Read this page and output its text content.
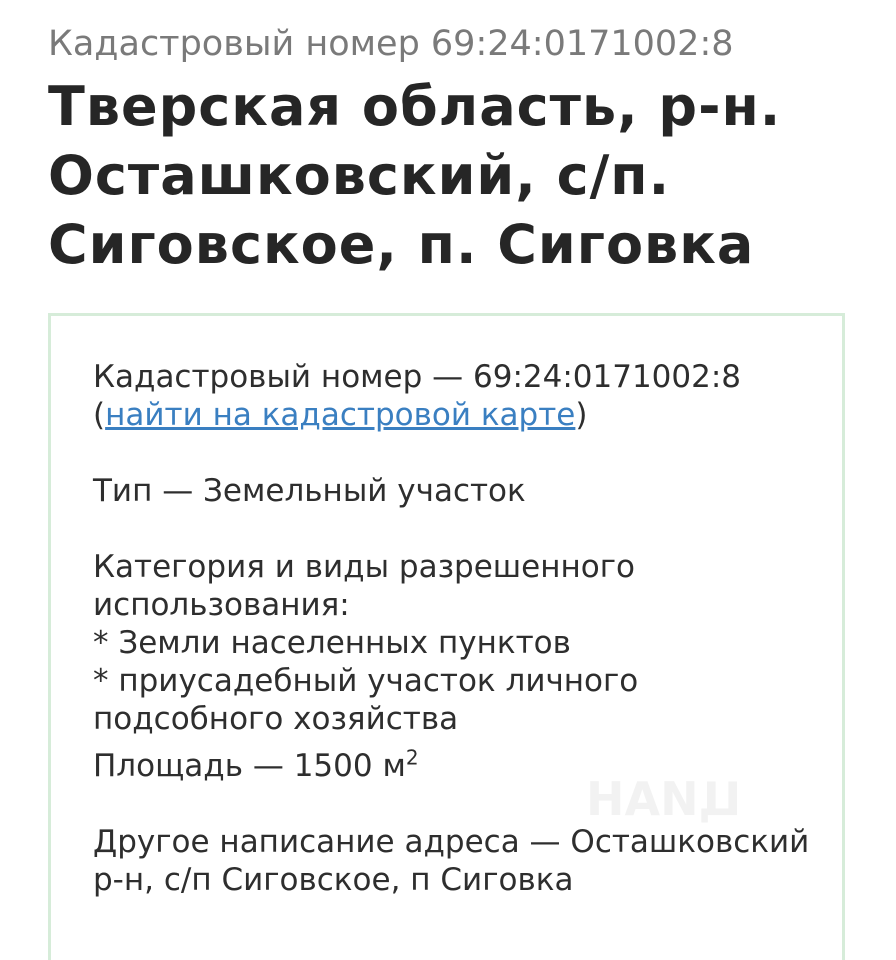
Кадастровый номер 69:24:0171002:8
Тверская область, р-н.
Осташковский, с/п.
Сиговское, п. Сиговка

Кадастровый номер — 69:24:0171002:8
(найти на кадастровой карте)

Тип — Земельный участок

Категория и виды разрешенного
использования:
* Земли населенных пунктов
* приусадебный участок личного
подсобного хозяйства

Площадь — 1500 $м^2$

Другое написание адреса — Осташковский
р-н, с/п Сиговское, п Сиговка

ЦИАН
